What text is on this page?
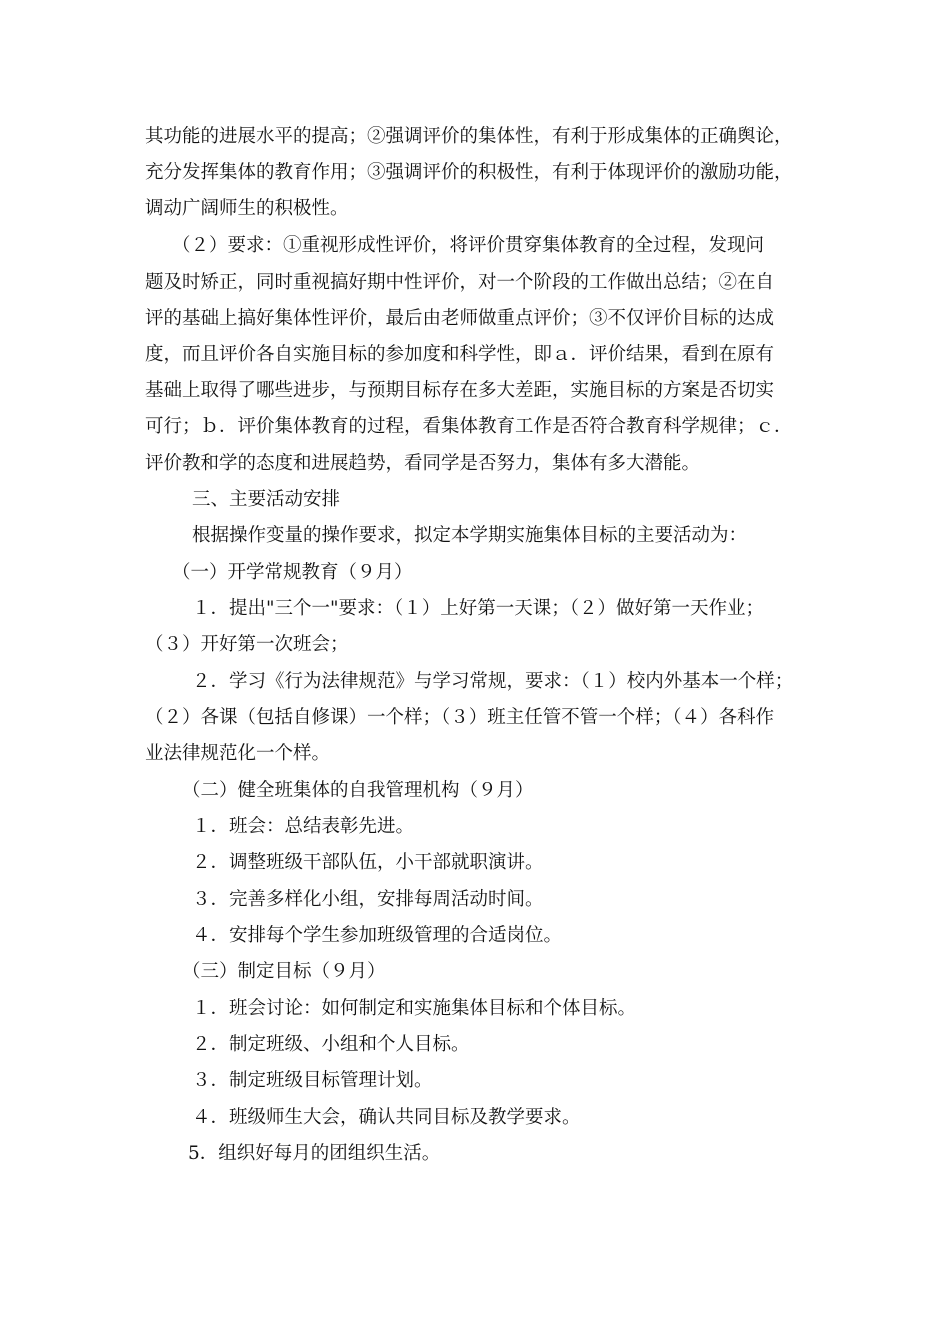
其功能的进展水平的提高；②强调评价的集体性，有利于形成集体的正确舆论，
充分发挥集体的教育作用；③强调评价的积极性，有利于体现评价的激励功能，
调动广阔师生的积极性。
（２）要求：①重视形成性评价，将评价贯穿集体教育的全过程，发现问
题及时矫正，同时重视搞好期中性评价，对一个阶段的工作做出总结；②在自
评的基础上搞好集体性评价，最后由老师做重点评价；③不仅评价目标的达成
度，而且评价各自实施目标的参加度和科学性，即ａ．评价结果，看到在原有
基础上取得了哪些进步，与预期目标存在多大差距，实施目标的方案是否切实
可行；ｂ．评价集体教育的过程，看集体教育工作是否符合教育科学规律；ｃ．
评价教和学的态度和进展趋势，看同学是否努力，集体有多大潜能。
三、主要活动安排
根据操作变量的操作要求，拟定本学期实施集体目标的主要活动为：
（一）开学常规教育（９月）
１．提出"三个一"要求：（１）上好第一天课；（２）做好第一天作业；
（３）开好第一次班会；
２．学习《行为法律规范》与学习常规，要求：（１）校内外基本一个样；
（２）各课（包括自修课）一个样；（３）班主任管不管一个样；（４）各科作
业法律规范化一个样。
（二）健全班集体的自我管理机构（９月）
１．班会：总结表彰先进。
２．调整班级干部队伍，小干部就职演讲。
３．完善多样化小组，安排每周活动时间。
４．安排每个学生参加班级管理的合适岗位。
（三）制定目标（９月）
１．班会讨论：如何制定和实施集体目标和个体目标。
２．制定班级、小组和个人目标。
３．制定班级目标管理计划。
４．班级师生大会，确认共同目标及教学要求。
5．组织好每月的团组织生活。
